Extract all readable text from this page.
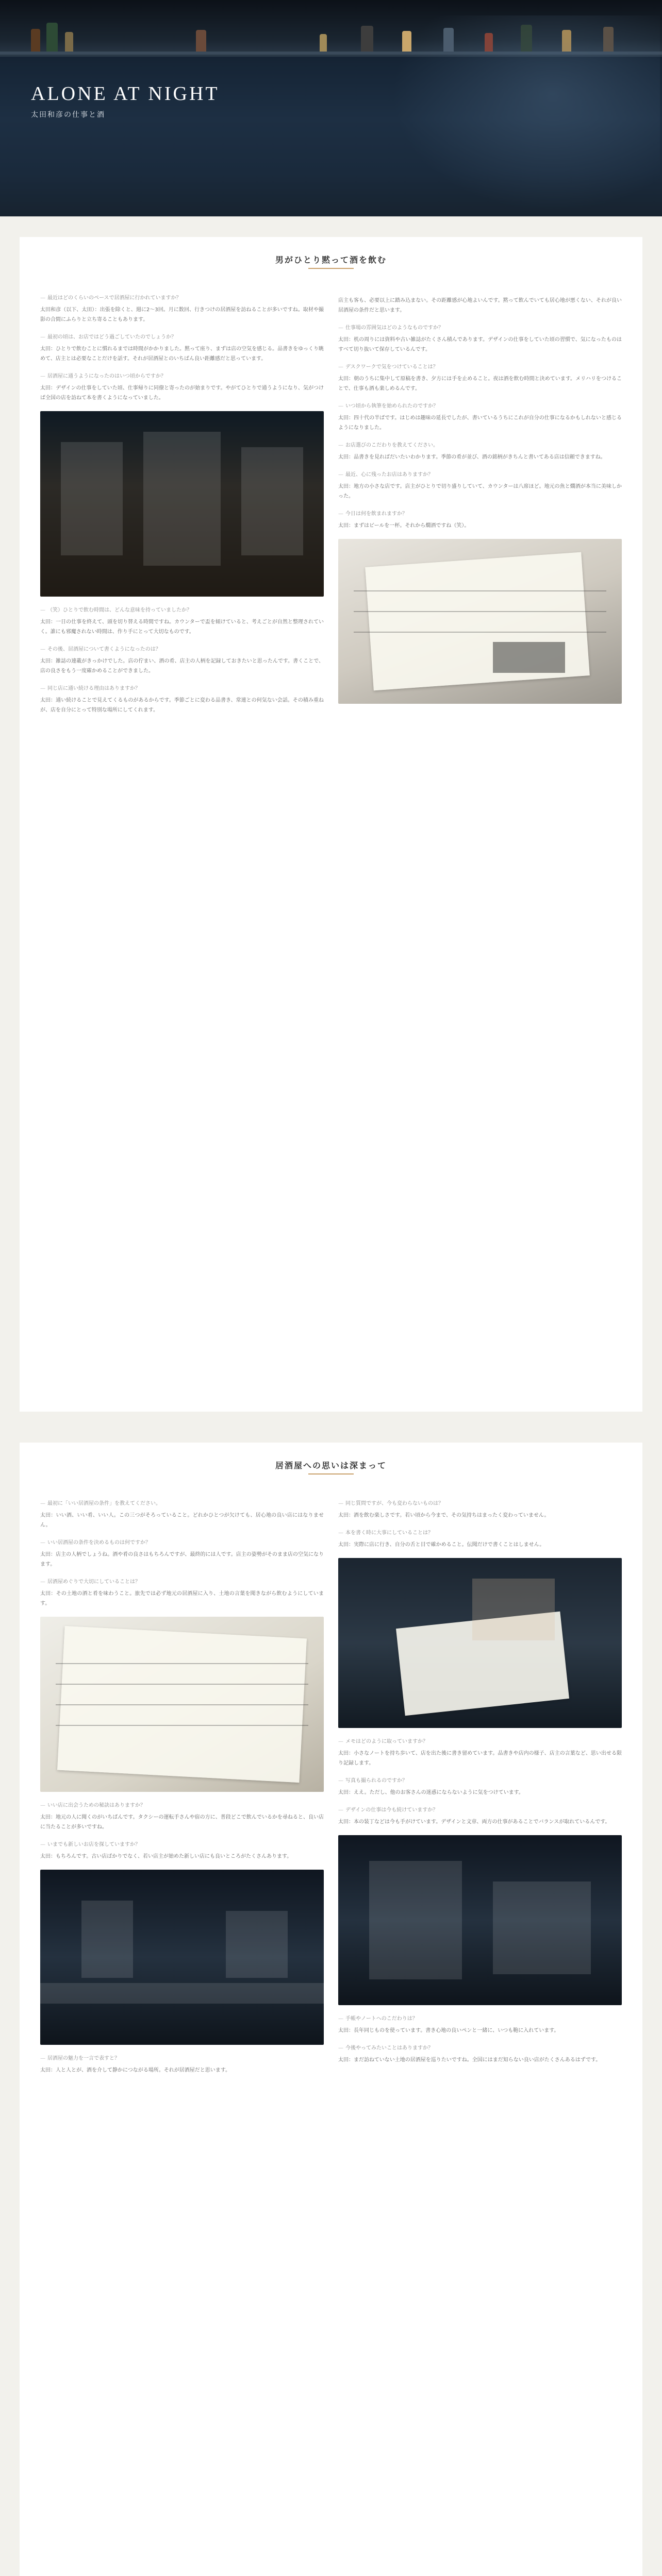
ALONE AT NIGHT
太田和彦の仕事と酒
男がひとり黙って酒を飲む
— 最近はどのくらいのペースで居酒屋に行かれていますか？
太田和彦（以下、太田）：出張を除くと、週に2〜3回。月に数回、行きつけの居酒屋を訪ねることが多いですね。取材や撮影の合間にふらりと立ち寄ることもあります。
— 最初の頃は、お店ではどう過ごしていたのでしょうか？
太田：ひとりで飲むことに慣れるまでは時間がかかりました。黙って座り、まずは店の空気を感じる。品書きをゆっくり眺めて、店主とは必要なことだけを話す。それが居酒屋とのいちばん良い距離感だと思っています。
— 居酒屋に通うようになったのはいつ頃からですか？
太田：デザインの仕事をしていた頃、仕事帰りに同僚と寄ったのが始まりです。やがてひとりで通うようになり、気がつけば全国の店を訪ねて本を書くようになっていました。
— （笑）ひとりで飲む時間は、どんな意味を持っていましたか？
太田：一日の仕事を終えて、頭を切り替える時間ですね。カウンターで盃を傾けていると、考えごとが自然と整理されていく。誰にも邪魔されない時間は、作り手にとって大切なものです。
— その後、居酒屋について書くようになったのは？
太田：雑誌の連載がきっかけでした。店の佇まい、酒の肴、店主の人柄を記録しておきたいと思ったんです。書くことで、店の良さをもう一度確かめることができました。
— 同じ店に通い続ける理由はありますか？
太田：通い続けることで見えてくるものがあるからです。季節ごとに変わる品書き、常連との何気ない会話。その積み重ねが、店を自分にとって特別な場所にしてくれます。
店主も客も、必要以上に踏み込まない。その距離感が心地よいんです。黙って飲んでいても居心地が悪くない、それが良い居酒屋の条件だと思います。
— 仕事場の雰囲気はどのようなものですか？
太田：机の周りには資料や古い雑誌がたくさん積んであります。デザインの仕事をしていた頃の習慣で、気になったものはすべて切り抜いて保存しているんです。
— デスクワークで気をつけていることは？
太田：朝のうちに集中して原稿を書き、夕方には手を止めること。夜は酒を飲む時間と決めています。メリハリをつけることで、仕事も酒も楽しめるんです。
— いつ頃から執筆を始められたのですか？
太田：四十代の半ばです。はじめは趣味の延長でしたが、書いているうちにこれが自分の仕事になるかもしれないと感じるようになりました。
— お店選びのこだわりを教えてください。
太田：品書きを見ればだいたいわかります。季節の肴が並び、酒の銘柄がきちんと書いてある店は信頼できますね。
— 最近、心に残ったお店はありますか？
太田：地方の小さな店です。店主がひとりで切り盛りしていて、カウンターは八席ほど。地元の魚と燗酒が本当に美味しかった。
— 今日は何を飲まれますか？
太田：まずはビールを一杯。それから燗酒ですね（笑）。
居酒屋への思いは深まって
— 最初に「いい居酒屋の条件」を教えてください。
太田：いい酒、いい肴、いい人。この三つがそろっていること。どれかひとつが欠けても、居心地の良い店にはなりません。
— いい居酒屋の条件を決めるものは何ですか？
太田：店主の人柄でしょうね。酒や肴の良さはもちろんですが、最終的には人です。店主の姿勢がそのまま店の空気になります。
— 居酒屋めぐりで大切にしていることは？
太田：その土地の酒と肴を味わうこと。旅先では必ず地元の居酒屋に入り、土地の言葉を聞きながら飲むようにしています。
— いい店に出会うための秘訣はありますか？
太田：地元の人に聞くのがいちばんです。タクシーの運転手さんや宿の方に、普段どこで飲んでいるかを尋ねると、良い店に当たることが多いですね。
— いまでも新しいお店を探していますか？
太田：もちろんです。古い店ばかりでなく、若い店主が始めた新しい店にも良いところがたくさんあります。
— 居酒屋の魅力を一言で表すと？
太田：人と人とが、酒を介して静かにつながる場所。それが居酒屋だと思います。
— 同じ質問ですが、今も変わらないものは？
太田：酒を飲む楽しさです。若い頃から今まで、その気持ちはまったく変わっていません。
— 本を書く時に大事にしていることは？
太田：実際に店に行き、自分の舌と目で確かめること。伝聞だけで書くことはしません。
— メモはどのように取っていますか？
太田：小さなノートを持ち歩いて、店を出た後に書き留めています。品書きや店内の様子、店主の言葉など、思い出せる限り記録します。
— 写真も撮られるのですか？
太田：ええ。ただし、他のお客さんの迷惑にならないように気をつけています。
— デザインの仕事は今も続けていますか？
太田：本の装丁などは今も手がけています。デザインと文章、両方の仕事があることでバランスが取れているんです。
— 手帳やノートへのこだわりは？
太田：長年同じものを使っています。書き心地の良いペンと一緒に、いつも鞄に入れています。
— 今後やってみたいことはありますか？
太田：まだ訪ねていない土地の居酒屋を巡りたいですね。全国にはまだ知らない良い店がたくさんあるはずです。
